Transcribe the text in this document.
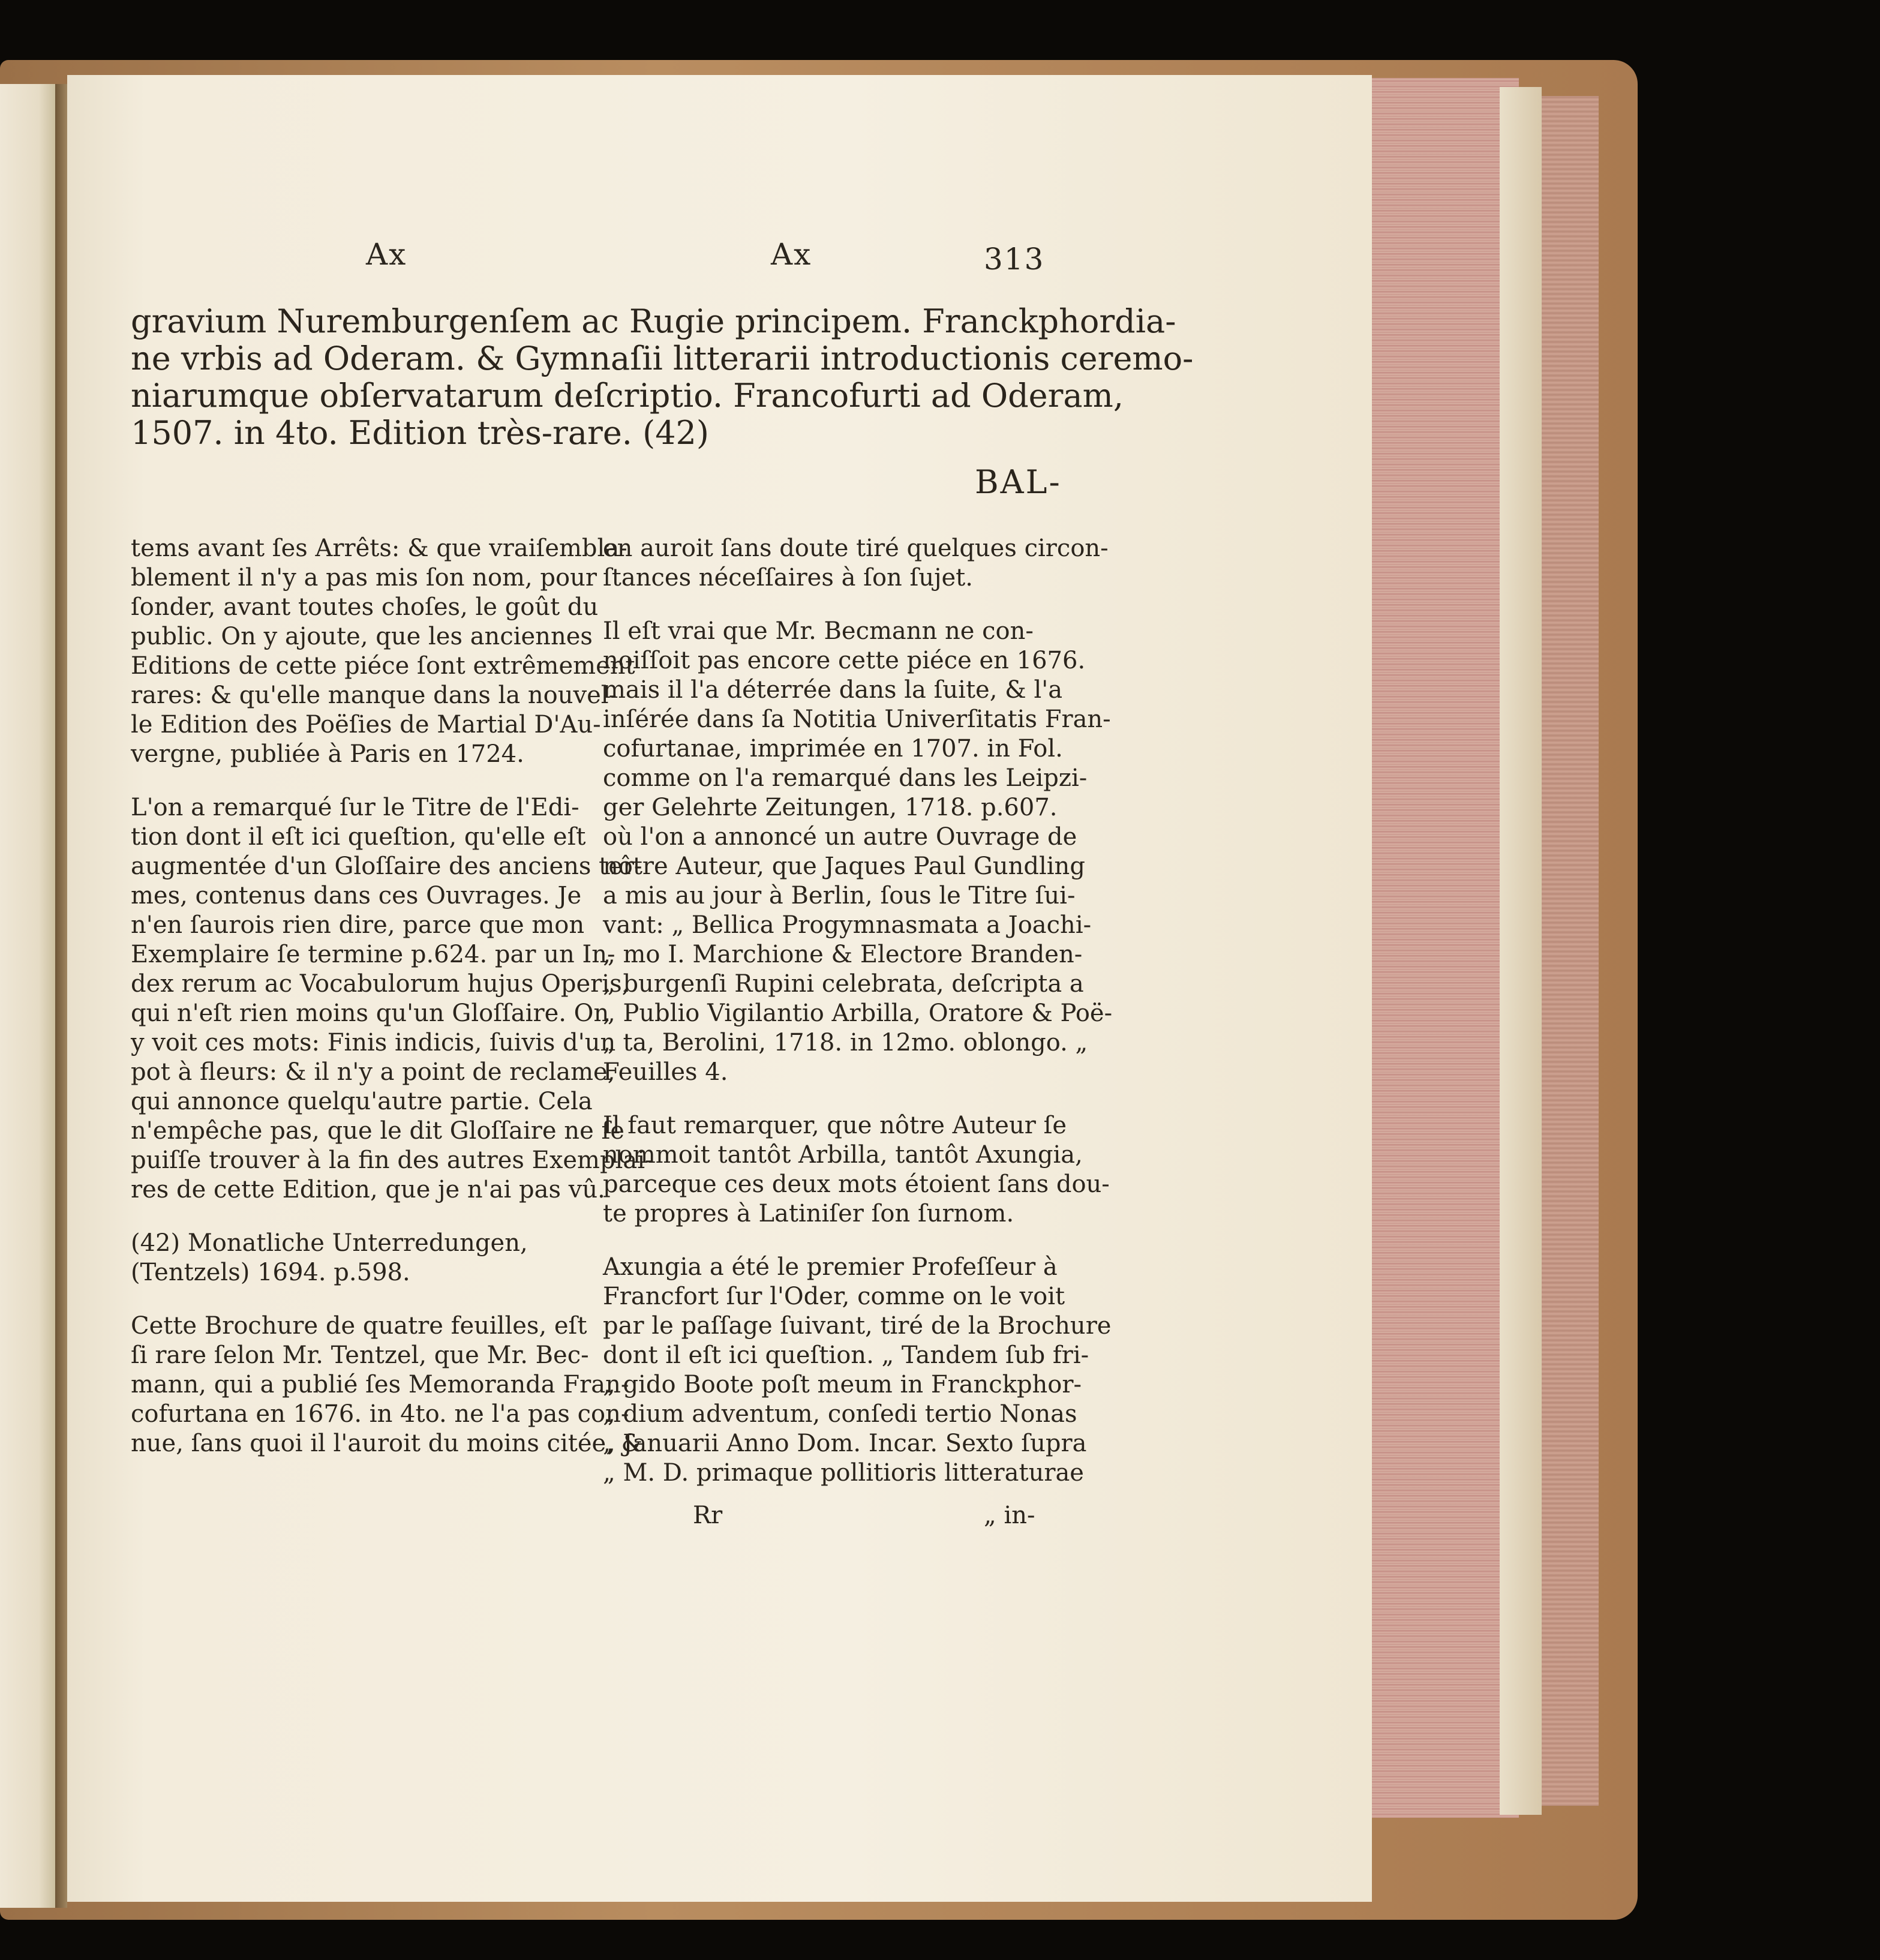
Ax	Ax	313
gravium Nuremburgenſem ac Rugie principem. Franckphordia-
ne vrbis ad Oderam. & Gymnaſii litterarii introductionis ceremo-
niarumque obſervatarum deſcriptio. Francofurti ad Oderam,
1507. in 4to. Edition très-rare. (42)
BAL-
tems avant ſes Arrêts: & que vraiſembla-
blement il n'y a pas mis ſon nom, pour
ſonder, avant toutes choſes, le goût du
public. On y ajoute, que les anciennes
Editions de cette piéce ſont extrêmement
rares: & qu'elle manque dans la nouvel-
le Edition des Poëſies de Martial D'Au-
vergne, publiée à Paris en 1724.
L'on a remarqué ſur le Titre de l'Edi-
tion dont il eſt ici queſtion, qu'elle eſt
augmentée d'un Gloſſaire des anciens ter-
mes, contenus dans ces Ouvrages. Je
n'en ſaurois rien dire, parce que mon
Exemplaire ſe termine p.624. par un In-
dex rerum ac Vocabulorum hujus Operis,
qui n'eſt rien moins qu'un Gloſſaire. On
y voit ces mots: Finis indicis, ſuivis d'un
pot à fleurs: & il n'y a point de reclame,
qui annonce quelqu'autre partie. Cela
n'empêche pas, que le dit Gloſſaire ne ſe
puiſſe trouver à la fin des autres Exemplai-
res de cette Edition, que je n'ai pas vû.
(42) Monatliche Unterredungen,
(Tentzels) 1694. p.598.
Cette Brochure de quatre feuilles, eſt
ſi rare ſelon Mr. Tentzel, que Mr. Bec-
mann, qui a publié ſes Memoranda Fran-
cofurtana en 1676. in 4to. ne l'a pas con-
nue, ſans quoi il l'auroit du moins citée, &
en auroit ſans doute tiré quelques circon-
ſtances néceſſaires à ſon ſujet.
Il eſt vrai que Mr. Becmann ne con-
noiſſoit pas encore cette piéce en 1676.
mais il l'a déterrée dans la ſuite, & l'a
inſérée dans ſa Notitia Univerſitatis Fran-
cofurtanae, imprimée en 1707. in Fol.
comme on l'a remarqué dans les Leipzi-
ger Gelehrte Zeitungen, 1718. p.607.
où l'on a annoncé un autre Ouvrage de
nôtre Auteur, que Jaques Paul Gundling
a mis au jour à Berlin, ſous le Titre ſui-
vant: „ Bellica Progymnasmata a Joachi-
„ mo I. Marchione & Electore Branden-
„ burgenſi Rupini celebrata, deſcripta a
„ Publio Vigilantio Arbilla, Oratore & Poë-
„ ta, Berolini, 1718. in 12mo. oblongo. „
Feuilles 4.
Il faut remarquer, que nôtre Auteur ſe
nommoit tantôt Arbilla, tantôt Axungia,
parceque ces deux mots étoient ſans dou-
te propres à Latiniſer ſon ſurnom.
Axungia a été le premier Profeſſeur à
Francfort ſur l'Oder, comme on le voit
par le paſſage ſuivant, tiré de la Brochure
dont il eſt ici queſtion. „ Tandem ſub fri-
„ gido Boote poſt meum in Franckphor-
„ dium adventum, conſedi tertio Nonas
„ Januarii Anno Dom. Incar. Sexto ſupra
„ M. D. primaque pollitioris litteraturae
Rr	„ in-
